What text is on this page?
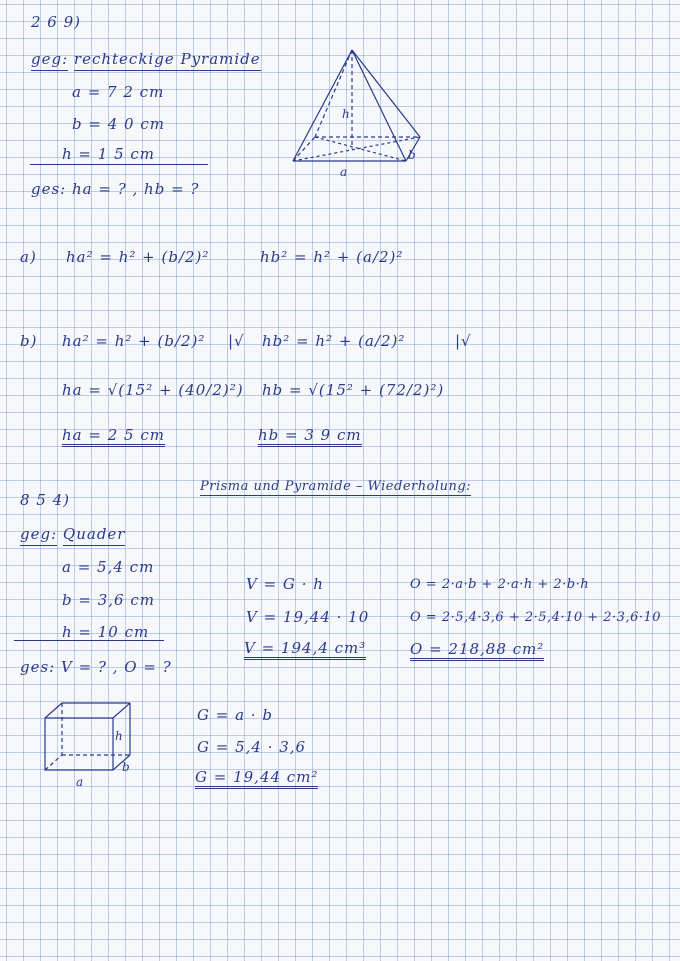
2 6 9)
geg: rechteckige Pyramide
a = 7 2 cm
b = 4 0 cm
h = 1 5 cm
ges: ha = ? , hb = ?
h
a
b
a) ha² = h² + (b/2)²	hb² = h² + (a/2)²
b) ha² = h² + (b/2)² |√ hb² = h² + (a/2)²	|√
ha = √(15² + (40/2)²) hb = √(15² + (72/2)²)
ha = 2 5 cm	hb = 3 9 cm
Prisma und Pyramide – Wiederholung:
8 5 4)
geg: Quader
a = 5,4 cm
b = 3,6 cm
h = 10 cm
ges: V = ? , O = ?
V = G · h
V = 19,44 · 10
V = 194,4 cm³
O = 2·a·b + 2·a·h + 2·b·h
O = 2·5,4·3,6 + 2·5,4·10 + 2·3,6·10
O = 218,88 cm²
h
a
b
G = a · b
G = 5,4 · 3,6
G = 19,44 cm²
